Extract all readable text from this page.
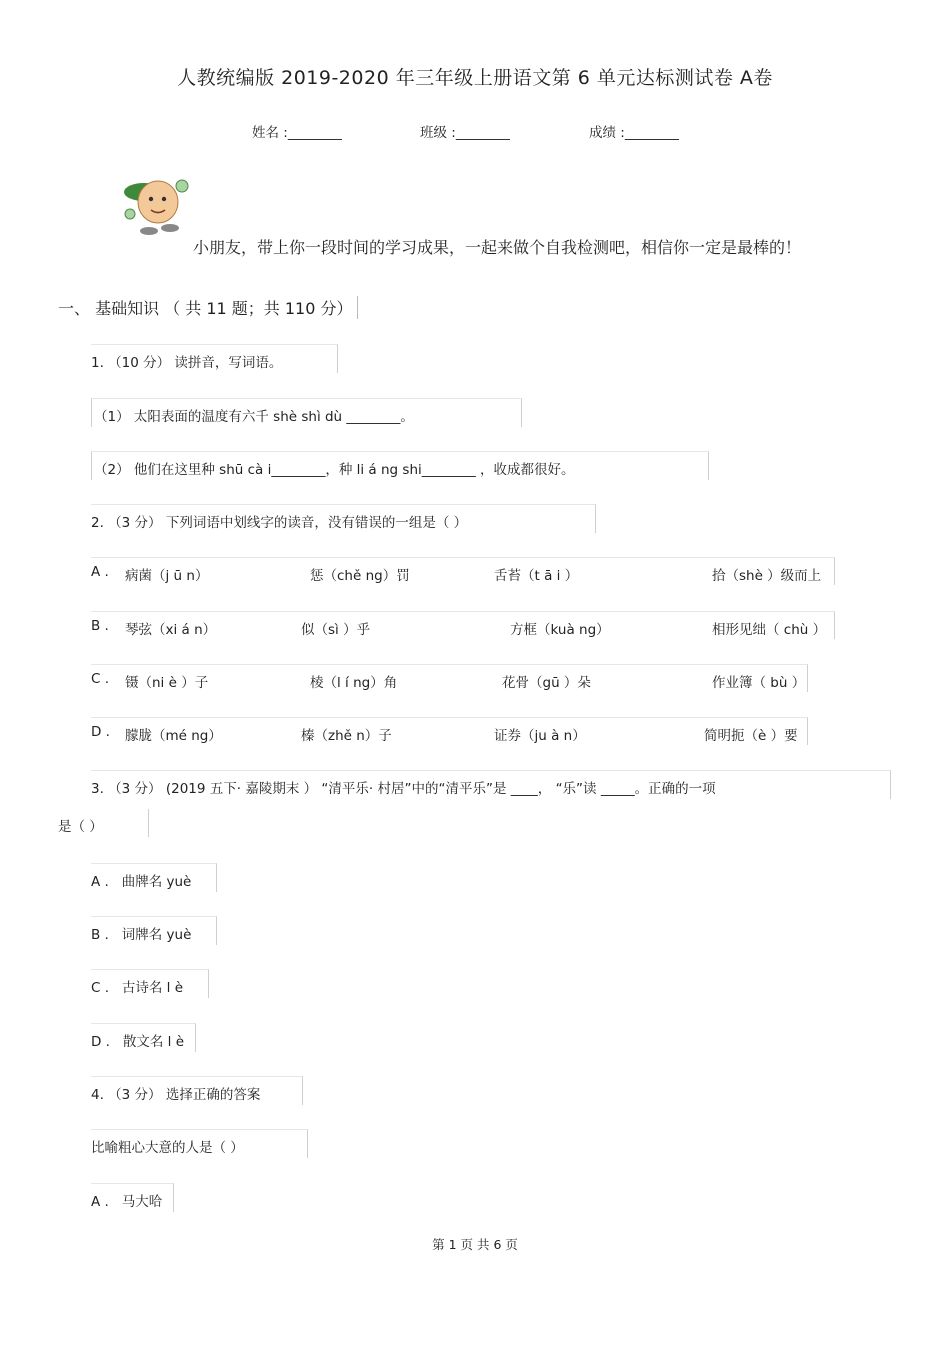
人教统编版 2019-2020 年三年级上册语文第 6 单元达标测试卷 A卷
姓名 :________	班级 :________	成绩 :________
小朋友，带上你一段时间的学习成果，一起来做个自我检测吧，相信你一定是最棒的！
一、 基础知识 （ 共 11 题；共 110 分）
1. （10 分） 读拼音，写词语。
（1） 太阳表面的温度有六千 shè shì dù ________。
（2） 他们在这里种 shū cà i________，种 li á ng shi________ ，收成都很好。
2. （3 分） 下列词语中划线字的读音，没有错误的一组是（ ）
A . 病菌（j ū n）	惩（chě ng）罚	舌苔（t ā i ）	拾（shè ）级而上
B . 琴弦（xi á n）	似（sì ）乎	方框（kuà ng）	相形见绌（ chù ）
C . 镊（ni è ）子	棱（l í ng）角	花骨（gū ）朵	作业簿（ bù ）
D . 朦胧（mé ng）	榛（zhě n）子	证券（ju à n）	简明扼（è ）要
3. （3 分） (2019 五下· 嘉陵期末 ） “清平乐· 村居”中的“清平乐”是 ____， “乐”读 _____。正确的一项
是（ ）
A . 曲牌名 yuè
B . 词牌名 yuè
C . 古诗名 l è
D . 散文名 l è
4. （3 分） 选择正确的答案
比喻粗心大意的人是（ ）
A . 马大哈
第 1 页 共 6 页
